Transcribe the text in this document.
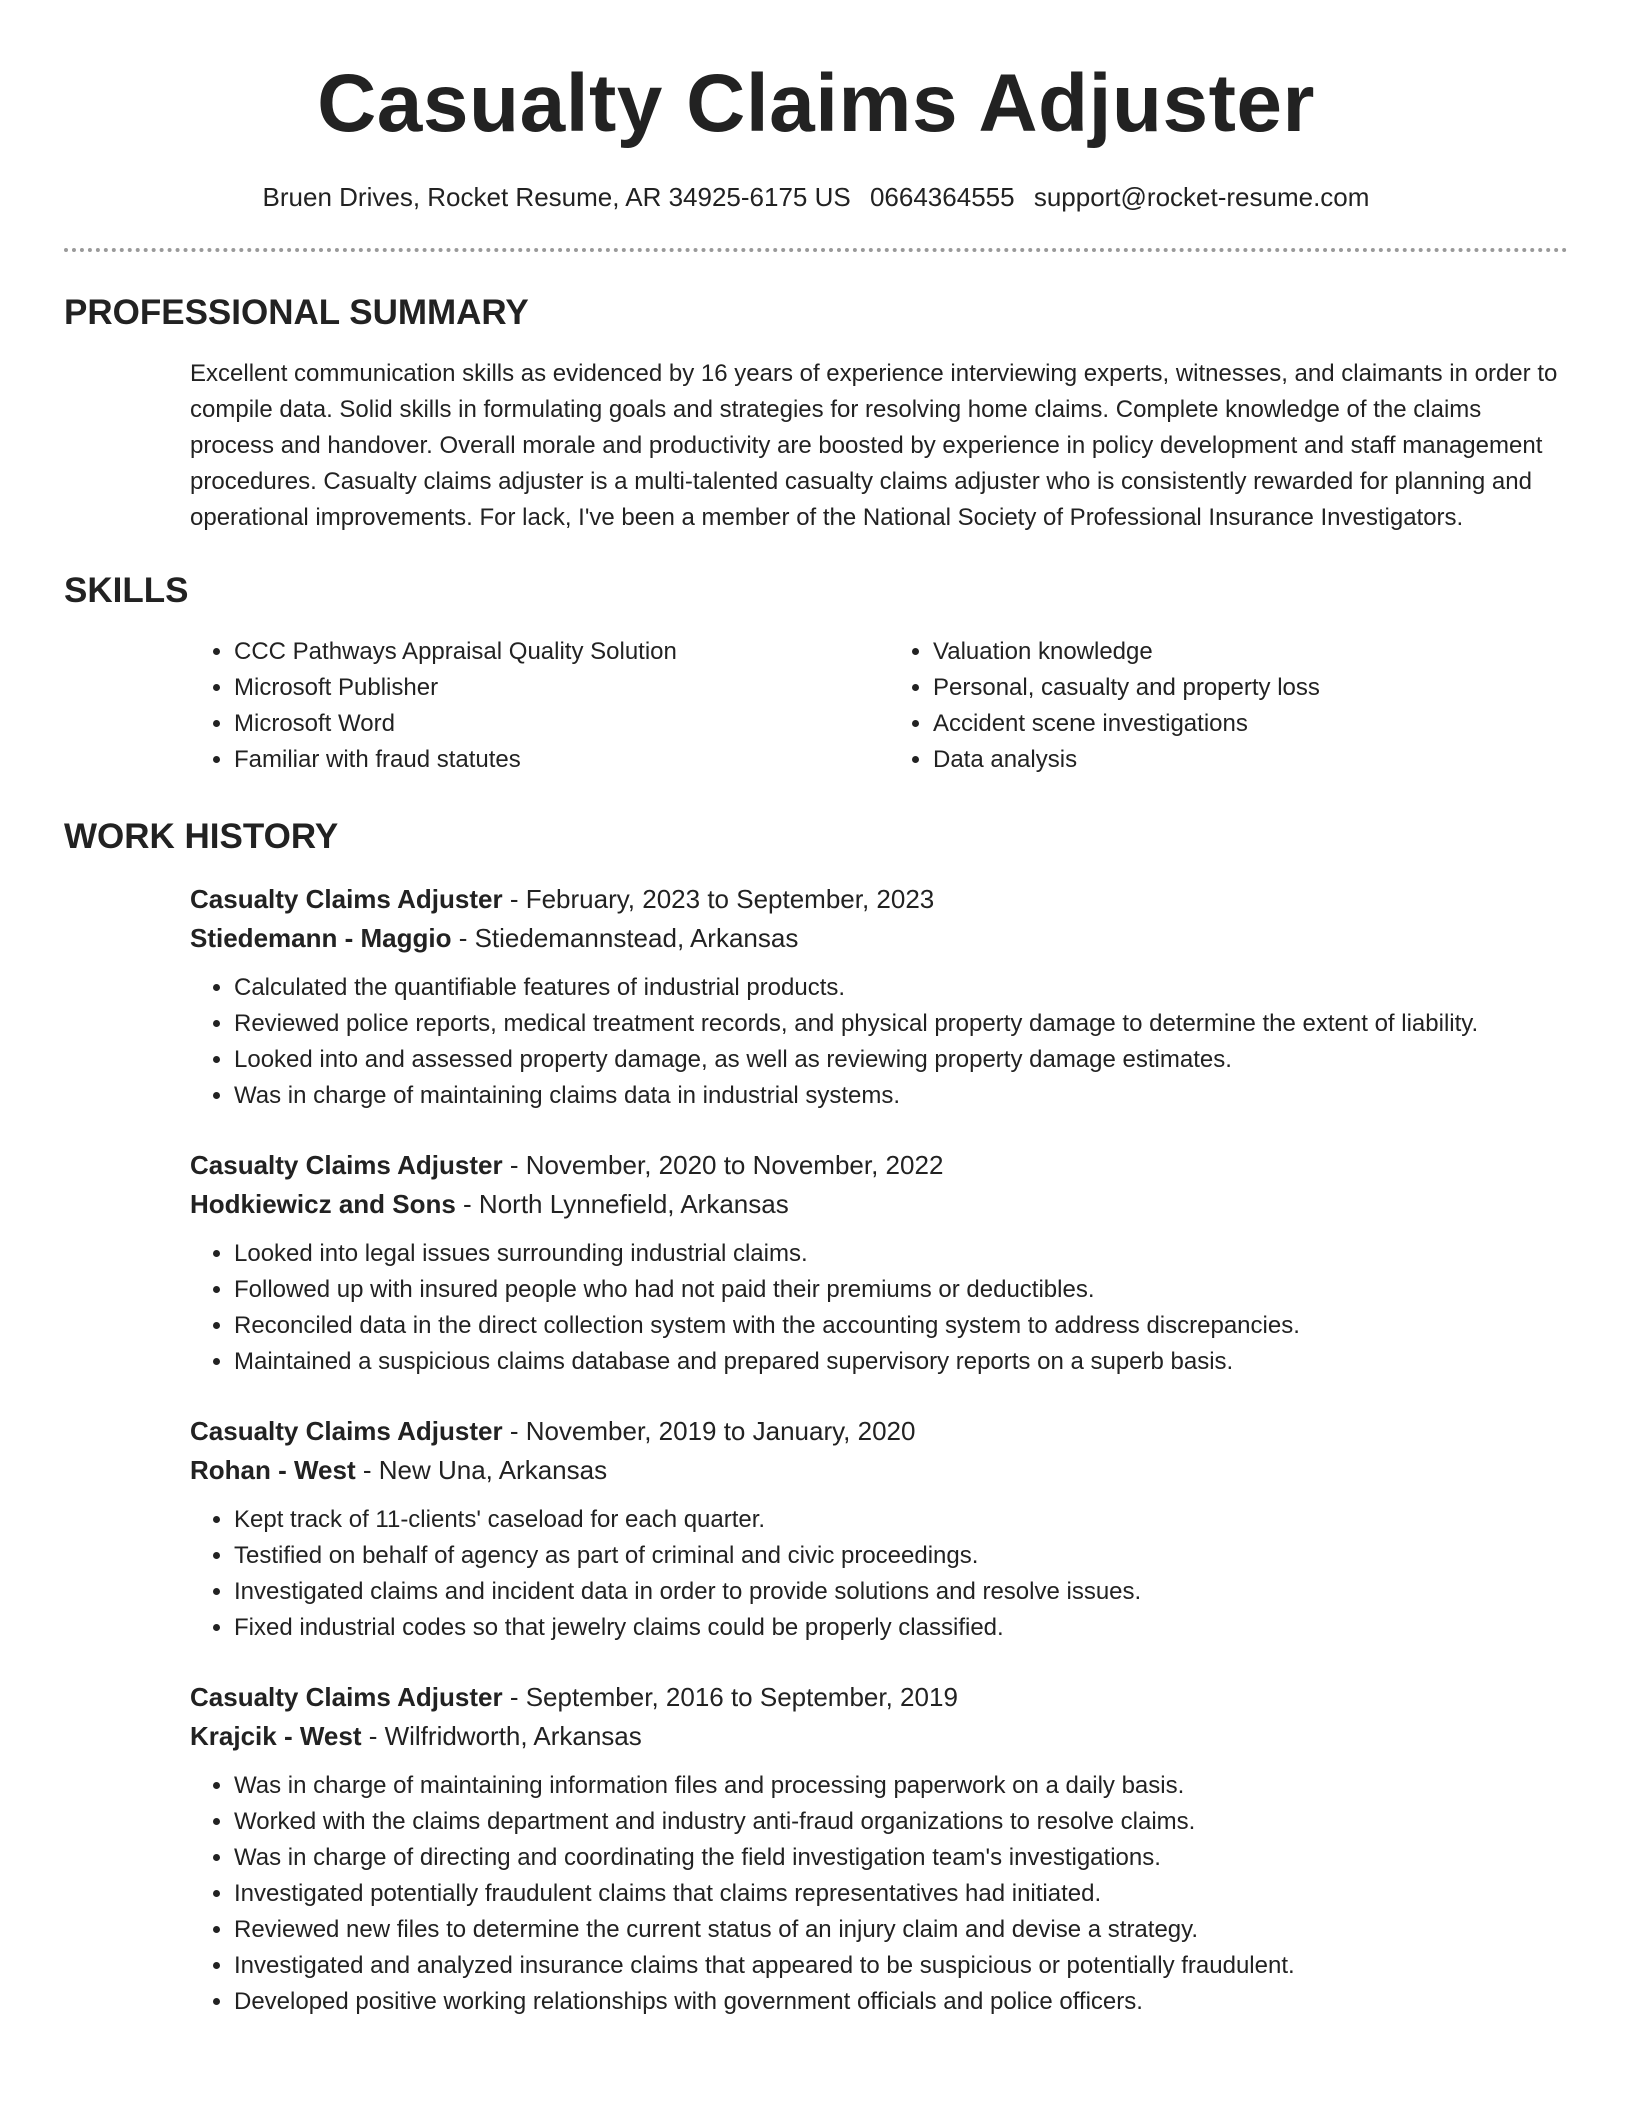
Casualty Claims Adjuster
Bruen Drives, Rocket Resume, AR 34925-6175 US 0664364555 support@rocket-resume.com
PROFESSIONAL SUMMARY

Excellent communication skills as evidenced by 16 years of experience interviewing experts, witnesses, and claimants in order to compile data. Solid skills in formulating goals and strategies for resolving home claims. Complete knowledge of the claims process and handover. Overall morale and productivity are boosted by experience in policy development and staff management procedures. Casualty claims adjuster is a multi-talented casualty claims adjuster who is consistently rewarded for planning and operational improvements. For lack, I've been a member of the National Society of Professional Insurance Investigators.

SKILLS
• CCC Pathways Appraisal Quality Solution
• Microsoft Publisher
• Microsoft Word
• Familiar with fraud statutes
• Valuation knowledge
• Personal, casualty and property loss
• Accident scene investigations
• Data analysis
WORK HISTORY
Casualty Claims Adjuster - February, 2023 to September, 2023
Stiedemann - Maggio - Stiedemannstead, Arkansas
• Calculated the quantifiable features of industrial products.
• Reviewed police reports, medical treatment records, and physical property damage to determine the extent of liability.
• Looked into and assessed property damage, as well as reviewing property damage estimates.
• Was in charge of maintaining claims data in industrial systems.
Casualty Claims Adjuster - November, 2020 to November, 2022
Hodkiewicz and Sons - North Lynnefield, Arkansas
• Looked into legal issues surrounding industrial claims.
• Followed up with insured people who had not paid their premiums or deductibles.
• Reconciled data in the direct collection system with the accounting system to address discrepancies.
• Maintained a suspicious claims database and prepared supervisory reports on a superb basis.
Casualty Claims Adjuster - November, 2019 to January, 2020
Rohan - West - New Una, Arkansas
• Kept track of 11-clients' caseload for each quarter.
• Testified on behalf of agency as part of criminal and civic proceedings.
• Investigated claims and incident data in order to provide solutions and resolve issues.
• Fixed industrial codes so that jewelry claims could be properly classified.
Casualty Claims Adjuster - September, 2016 to September, 2019
Krajcik - West - Wilfridworth, Arkansas
• Was in charge of maintaining information files and processing paperwork on a daily basis.
• Worked with the claims department and industry anti-fraud organizations to resolve claims.
• Was in charge of directing and coordinating the field investigation team's investigations.
• Investigated potentially fraudulent claims that claims representatives had initiated.
• Reviewed new files to determine the current status of an injury claim and devise a strategy.
• Investigated and analyzed insurance claims that appeared to be suspicious or potentially fraudulent.
• Developed positive working relationships with government officials and police officers.
